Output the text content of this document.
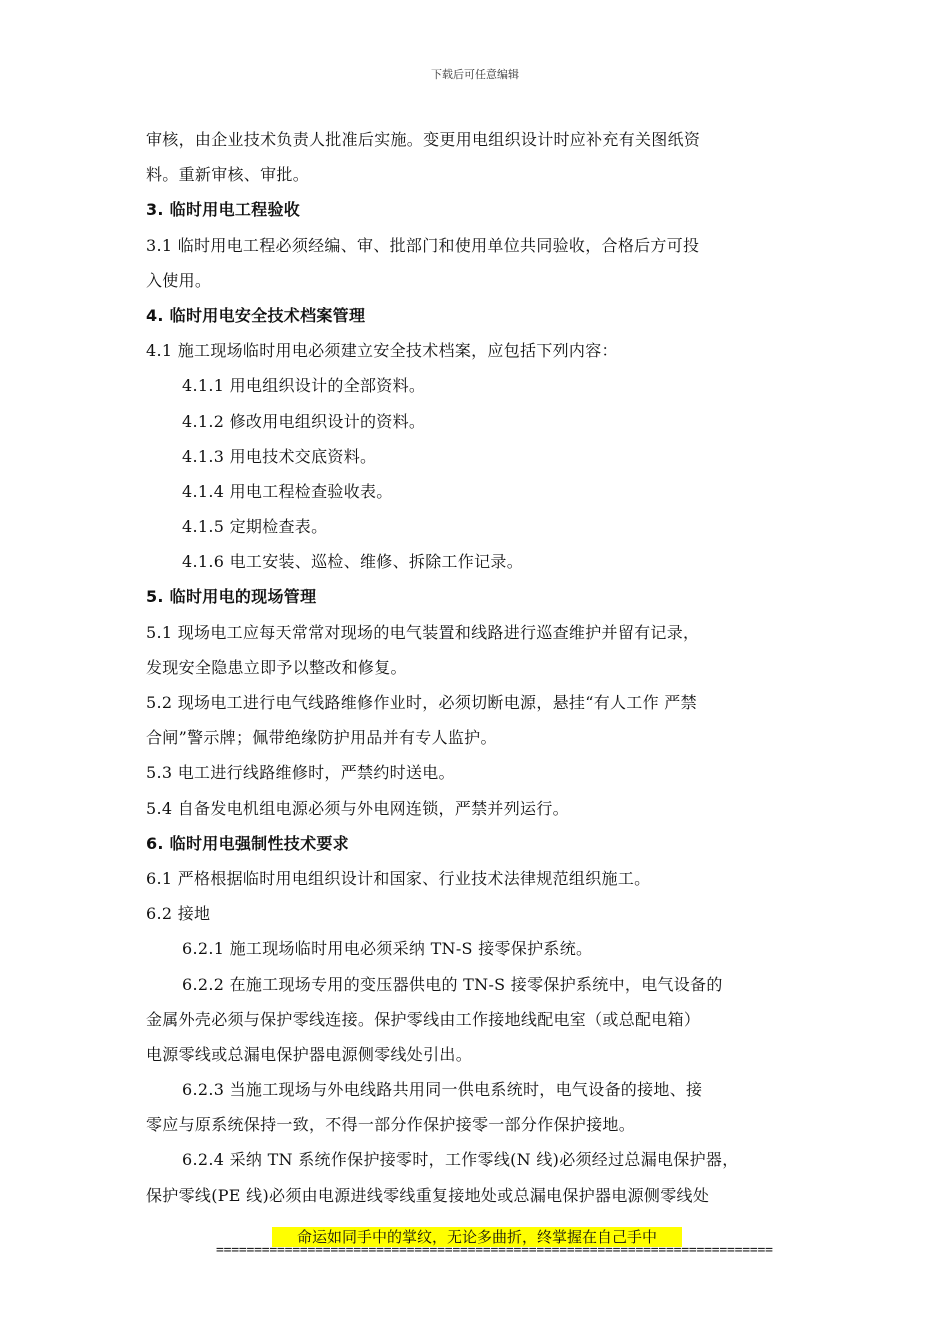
下载后可任意编辑
审核，由企业技术负责人批准后实施。变更用电组织设计时应补充有关图纸资
料。重新审核、审批。
3. 临时用电工程验收
3.1 临时用电工程必须经编、审、批部门和使用单位共同验收，合格后方可投
入使用。
4. 临时用电安全技术档案管理
4.1 施工现场临时用电必须建立安全技术档案，应包括下列内容：
4.1.1 用电组织设计的全部资料。
4.1.2 修改用电组织设计的资料。
4.1.3 用电技术交底资料。
4.1.4 用电工程检查验收表。
4.1.5 定期检查表。
4.1.6 电工安装、巡检、维修、拆除工作记录。
5. 临时用电的现场管理
5.1 现场电工应每天常常对现场的电气装置和线路进行巡查维护并留有记录，
发现安全隐患立即予以整改和修复。
5.2 现场电工进行电气线路维修作业时，必须切断电源，悬挂“有人工作 严禁
合闸”警示牌；佩带绝缘防护用品并有专人监护。
5.3 电工进行线路维修时，严禁约时送电。
5.4 自备发电机组电源必须与外电网连锁，严禁并列运行。
6. 临时用电强制性技术要求
6.1 严格根据临时用电组织设计和国家、行业技术法律规范组织施工。
6.2 接地
6.2.1 施工现场临时用电必须采纳 TN-S 接零保护系统。
6.2.2 在施工现场专用的变压器供电的 TN-S 接零保护系统中，电气设备的
金属外壳必须与保护零线连接。保护零线由工作接地线配电室（或总配电箱）
电源零线或总漏电保护器电源侧零线处引出。
6.2.3 当施工现场与外电线路共用同一供电系统时，电气设备的接地、接
零应与原系统保持一致，不得一部分作保护接零一部分作保护接地。
6.2.4 采纳 TN 系统作保护接零时，工作零线(N 线)必须经过总漏电保护器，
保护零线(PE 线)必须由电源进线零线重复接地处或总漏电保护器电源侧零线处
命运如同手中的掌纹，无论多曲折，终掌握在自己手中
=========================================================================
